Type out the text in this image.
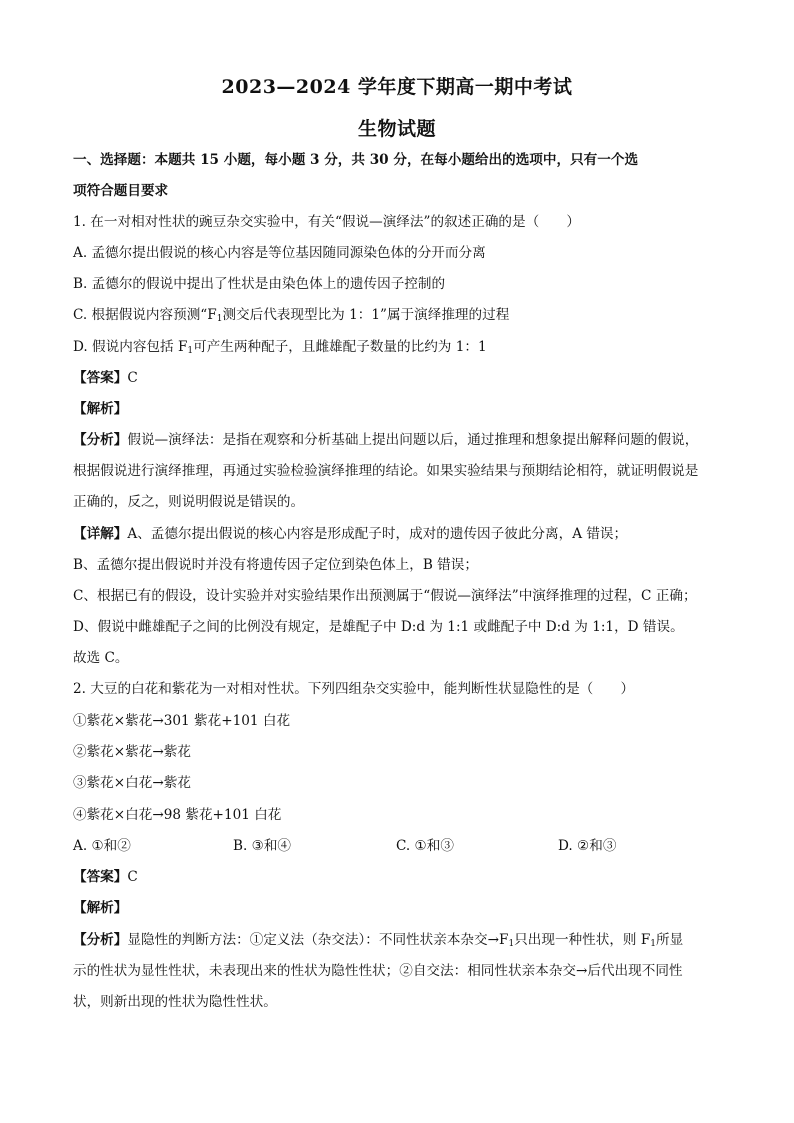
2023—2024 学年度下期高一期中考试
生物试题
一、选择题：本题共 15 小题，每小题 3 分，共 30 分，在每小题给出的选项中，只有一个选
项符合题目要求
1. 在一对相对性状的豌豆杂交实验中，有关“假说—演绎法”的叙述正确的是（　　）
A. 孟德尔提出假说的核心内容是等位基因随同源染色体的分开而分离
B. 孟德尔的假说中提出了性状是由染色体上的遗传因子控制的
C. 根据假说内容预测“$F_1$测交后代表现型比为 1：1”属于演绎推理的过程
D. 假说内容包括 $F_1$可产生两种配子，且雌雄配子数量的比约为 1：1
【答案】C
【解析】
【分析】假说—演绎法：是指在观察和分析基础上提出问题以后，通过推理和想象提出解释问题的假说，
根据假说进行演绎推理，再通过实验检验演绎推理的结论。如果实验结果与预期结论相符，就证明假说是
正确的，反之，则说明假说是错误的。
【详解】A、孟德尔提出假说的核心内容是形成配子时，成对的遗传因子彼此分离，A 错误；
B、孟德尔提出假说时并没有将遗传因子定位到染色体上，B 错误；
C、根据已有的假设，设计实验并对实验结果作出预测属于“假说—演绎法”中演绎推理的过程，C 正确；
D、假说中雌雄配子之间的比例没有规定，是雄配子中 D:d 为 1:1 或雌配子中 D:d 为 1:1，D 错误。
故选 C。
2. 大豆的白花和紫花为一对相对性状。下列四组杂交实验中，能判断性状显隐性的是（　　）
①紫花×紫花→301 紫花+101 白花
②紫花×紫花→紫花
③紫花×白花→紫花
④紫花×白花→98 紫花+101 白花
A. ①和②	B. ③和④	C. ①和③	D. ②和③
【答案】C
【解析】
【分析】显隐性的判断方法：①定义法（杂交法）：不同性状亲本杂交$\to F_1$只出现一种性状，则 $F_1$所显
示的性状为显性性状，未表现出来的性状为隐性性状；②自交法：相同性状亲本杂交→后代出现不同性
状，则新出现的性状为隐性性状。
